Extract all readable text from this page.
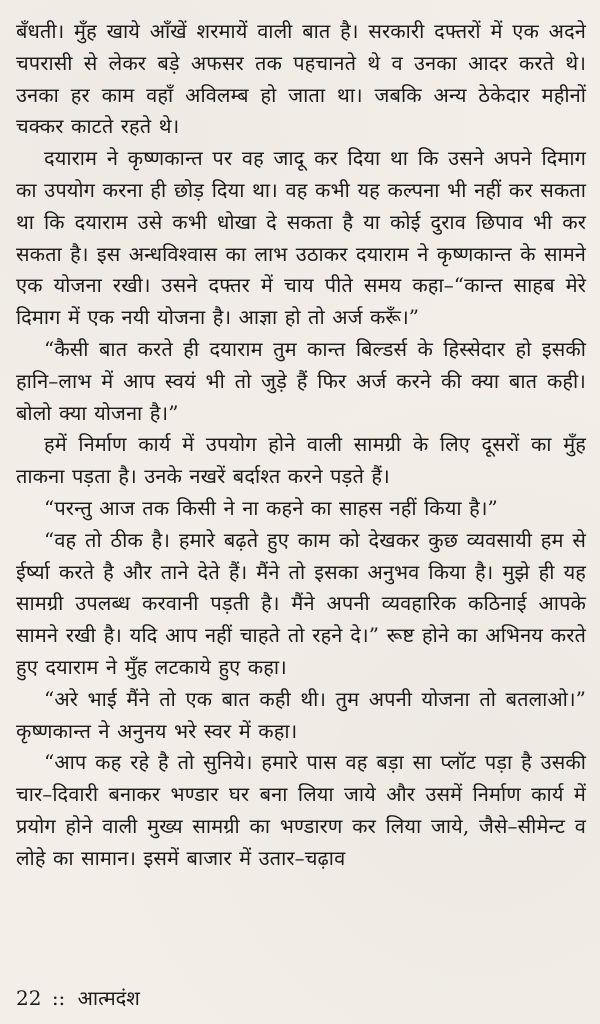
बँधती। मुँह खाये आँखें शरमायें वाली बात है। सरकारी दफ्तरों में एक अदने चपरासी से लेकर बड़े अफसर तक पहचानते थे व उनका आदर करते थे। उनका हर काम वहाँ अविलम्ब हो जाता था। जबकि अन्य ठेकेदार महीनों चक्कर काटते रहते थे।

दयाराम ने कृष्णकान्त पर वह जादू कर दिया था कि उसने अपने दिमाग का उपयोग करना ही छोड़ दिया था। वह कभी यह कल्पना भी नहीं कर सकता था कि दयाराम उसे कभी धोखा दे सकता है या कोई दुराव छिपाव भी कर सकता है। इस अन्धविश्वास का लाभ उठाकर दयाराम ने कृष्णकान्त के सामने एक योजना रखी। उसने दफ्तर में चाय पीते समय कहा–“कान्त साहब मेरे दिमाग में एक नयी योजना है। आज्ञा हो तो अर्ज करूँ।”

“कैसी बात करते ही दयाराम तुम कान्त बिल्डर्स के हिस्सेदार हो इसकी हानि–लाभ में आप स्वयं भी तो जुड़े हैं फिर अर्ज करने की क्या बात कही। बोलो क्या योजना है।”

हमें निर्माण कार्य में उपयोग होने वाली सामग्री के लिए दूसरों का मुँह ताकना पड़ता है। उनके नखरें बर्दाश्त करने पड़ते हैं।

“परन्तु आज तक किसी ने ना कहने का साहस नहीं किया है।”

“वह तो ठीक है। हमारे बढ़ते हुए काम को देखकर कुछ व्यवसायी हम से ईर्ष्या करते है और ताने देते हैं। मैंने तो इसका अनुभव किया है। मुझे ही यह सामग्री उपलब्ध करवानी पड़ती है। मैंने अपनी व्यवहारिक कठिनाई आपके सामने रखी है। यदि आप नहीं चाहते तो रहने दे।” रूष्ट होने का अभिनय करते हुए दयाराम ने मुँह लटकाये हुए कहा।

“अरे भाई मैंने तो एक बात कही थी। तुम अपनी योजना तो बतलाओ।” कृष्णकान्त ने अनुनय भरे स्वर में कहा।

“आप कह रहे है तो सुनिये। हमारे पास वह बड़ा सा प्लॉट पड़ा है उसकी चार–दिवारी बनाकर भण्डार घर बना लिया जाये और उसमें निर्माण कार्य में प्रयोग होने वाली मुख्य सामग्री का भण्डारण कर लिया जाये, जैसे–सीमेन्ट व लोहे का सामान। इसमें बाजार में उतार–चढ़ाव

22 :: आत्मदंश
